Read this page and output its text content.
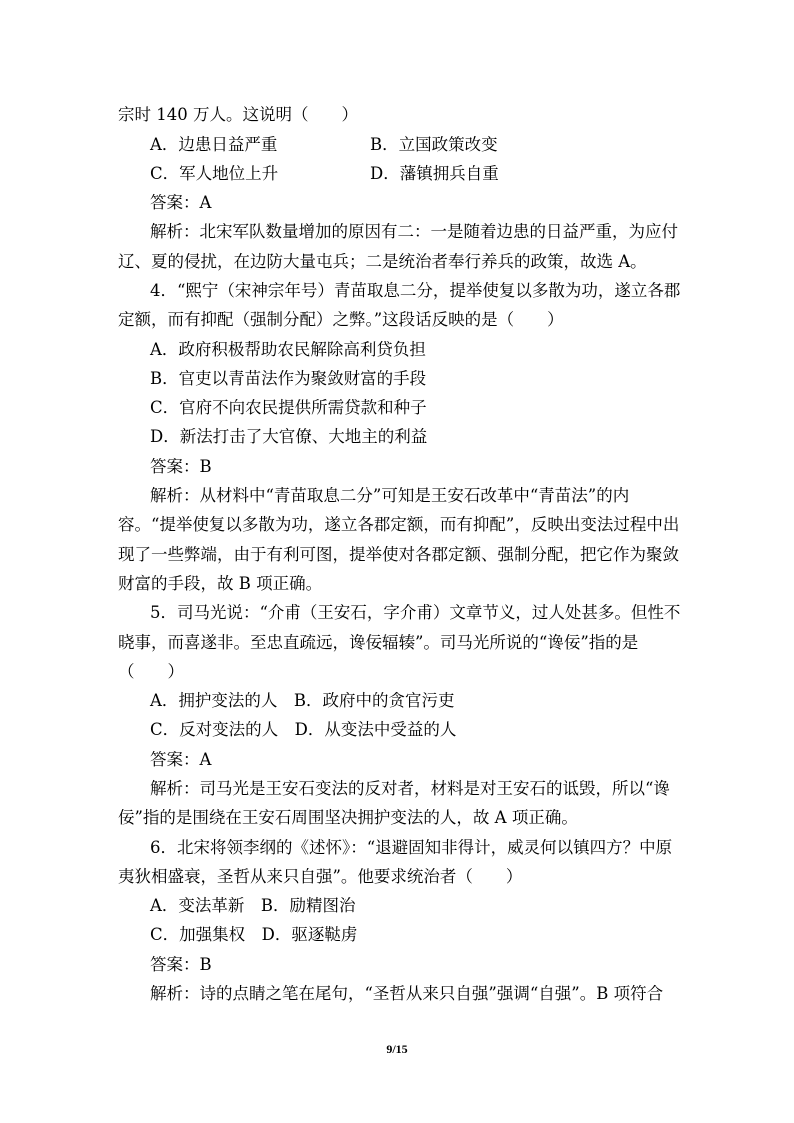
宗时 140 万人。这说明（　　）
A．边患日益严重	B．立国政策改变
C．军人地位上升	D．藩镇拥兵自重
答案：A
解析：北宋军队数量增加的原因有二：一是随着边患的日益严重，为应付
辽、夏的侵扰，在边防大量屯兵；二是统治者奉行养兵的政策，故选 A。
4．“熙宁（宋神宗年号）青苗取息二分，提举使复以多散为功，遂立各郡
定额，而有抑配（强制分配）之弊。”这段话反映的是（　　）
A．政府积极帮助农民解除高利贷负担
B．官吏以青苗法作为聚敛财富的手段
C．官府不向农民提供所需贷款和种子
D．新法打击了大官僚、大地主的利益
答案：B
解析：从材料中“青苗取息二分”可知是王安石改革中“青苗法”的内
容。“提举使复以多散为功，遂立各郡定额，而有抑配”，反映出变法过程中出
现了一些弊端，由于有利可图，提举使对各郡定额、强制分配，把它作为聚敛
财富的手段，故 B 项正确。
5．司马光说：“介甫（王安石，字介甫）文章节义，过人处甚多。但性不
晓事，而喜遂非。至忠直疏远，谗佞辐辏”。司马光所说的“谗佞”指的是
（　　）
A．拥护变法的人　B．政府中的贪官污吏
C．反对变法的人　D．从变法中受益的人
答案：A
解析：司马光是王安石变法的反对者，材料是对王安石的诋毁，所以“谗
佞”指的是围绕在王安石周围坚决拥护变法的人，故 A 项正确。
6．北宋将领李纲的《述怀》：“退避固知非得计，威灵何以镇四方？中原
夷狄相盛衰，圣哲从来只自强”。他要求统治者（　　）
A．变法革新　B．励精图治
C．加强集权　D．驱逐鞑虏
答案：B
解析：诗的点睛之笔在尾句，“圣哲从来只自强”强调“自强”。B 项符合
9/15
